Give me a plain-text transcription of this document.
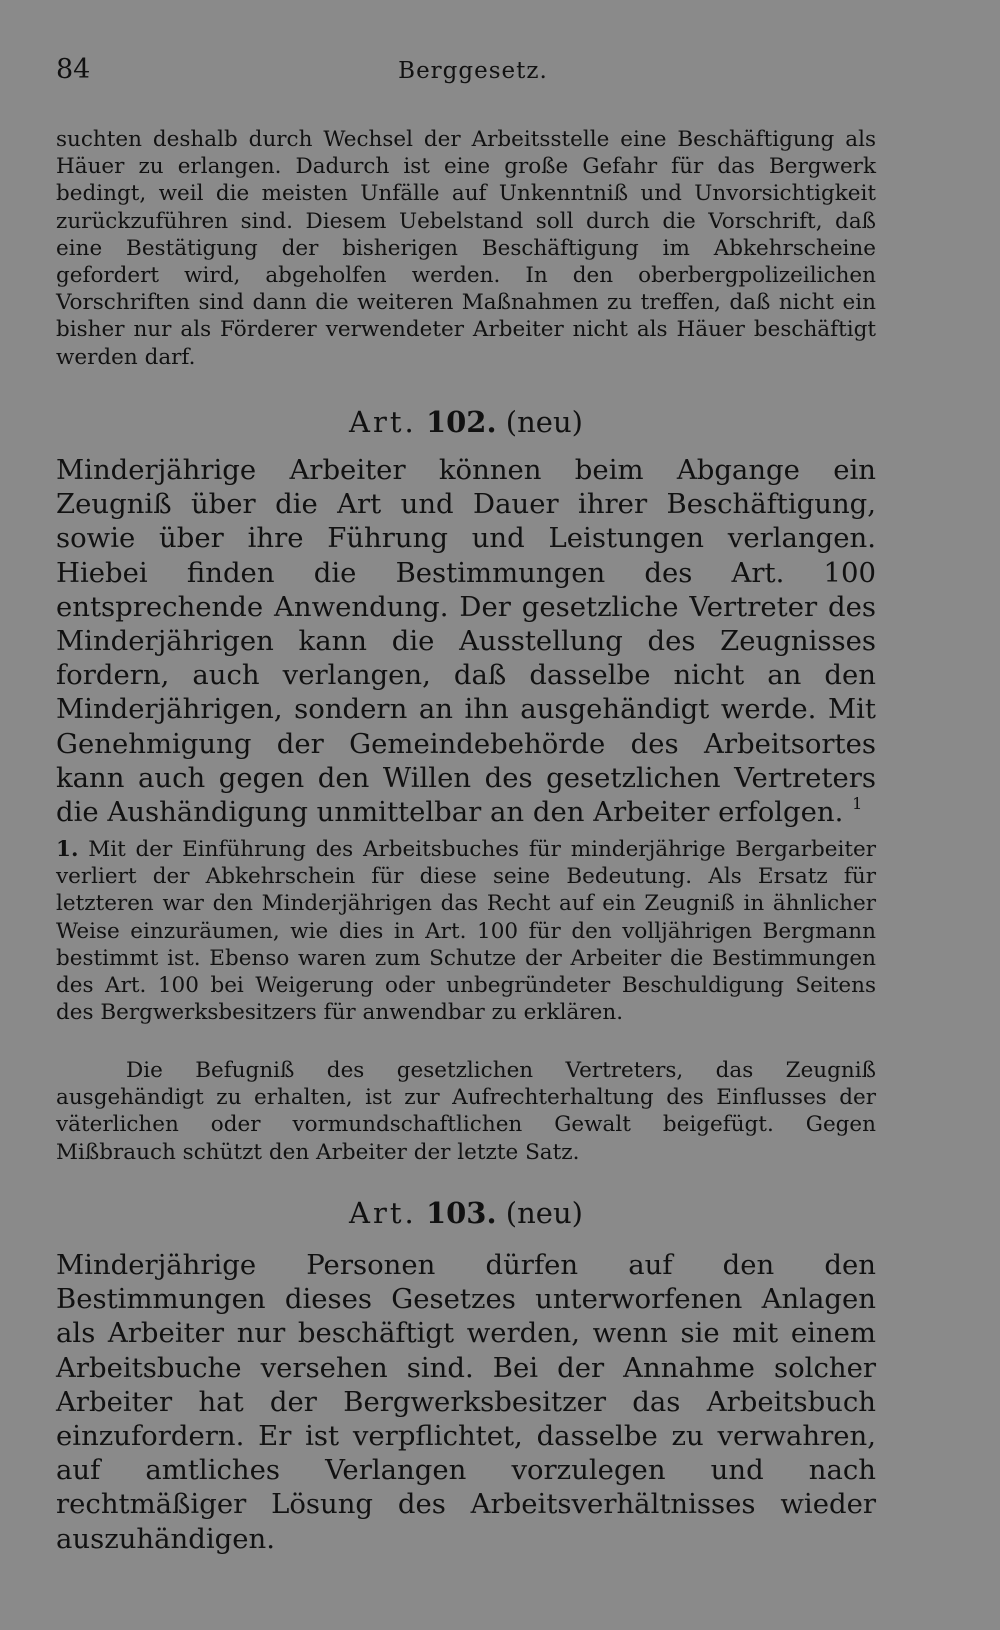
84	Berggesetz.

suchten deshalb durch Wechsel der Arbeitsstelle eine Beschäftigung als Häuer zu erlangen. Dadurch ist eine große Gefahr für das Bergwerk bedingt, weil die meisten Unfälle auf Unkenntniß und Unvorsichtigkeit zurückzuführen sind. Diesem Uebelstand soll durch die Vorschrift, daß eine Bestätigung der bisherigen Beschäftigung im Abkehrscheine gefordert wird, abgeholfen werden. In den oberbergpolizeilichen Vorschriften sind dann die weiteren Maßnahmen zu treffen, daß nicht ein bisher nur als Förderer verwendeter Arbeiter nicht als Häuer beschäftigt werden darf.

Art. 102. (neu)

Minderjährige Arbeiter können beim Abgange ein Zeugniß über die Art und Dauer ihrer Beschäftigung, sowie über ihre Führung und Leistungen verlangen. Hiebei finden die Bestimmungen des Art. 100 entsprechende Anwendung. Der gesetzliche Vertreter des Minderjährigen kann die Ausstellung des Zeugnisses fordern, auch verlangen, daß dasselbe nicht an den Minderjährigen, sondern an ihn ausgehändigt werde. Mit Genehmigung der Gemeindebehörde des Arbeitsortes kann auch gegen den Willen des gesetzlichen Vertreters die Aushändigung unmittelbar an den Arbeiter erfolgen. $^1$

1. Mit der Einführung des Arbeitsbuches für minderjährige Bergarbeiter verliert der Abkehrschein für diese seine Bedeutung. Als Ersatz für letzteren war den Minderjährigen das Recht auf ein Zeugniß in ähnlicher Weise einzuräumen, wie dies in Art. 100 für den volljährigen Bergmann bestimmt ist. Ebenso waren zum Schutze der Arbeiter die Bestimmungen des Art. 100 bei Weigerung oder unbegründeter Beschuldigung Seitens des Bergwerksbesitzers für anwendbar zu erklären.

Die Befugniß des gesetzlichen Vertreters, das Zeugniß ausgehändigt zu erhalten, ist zur Aufrechterhaltung des Einflusses der väterlichen oder vormundschaftlichen Gewalt beigefügt. Gegen Mißbrauch schützt den Arbeiter der letzte Satz.

Art. 103. (neu)

Minderjährige Personen dürfen auf den den Bestimmungen dieses Gesetzes unterworfenen Anlagen als Arbeiter nur beschäftigt werden, wenn sie mit einem Arbeitsbuche versehen sind. Bei der Annahme solcher Arbeiter hat der Bergwerksbesitzer das Arbeitsbuch einzufordern. Er ist verpflichtet, dasselbe zu verwahren, auf amtliches Verlangen vorzulegen und nach rechtmäßiger Lösung des Arbeitsverhältnisses wieder auszuhändigen.
